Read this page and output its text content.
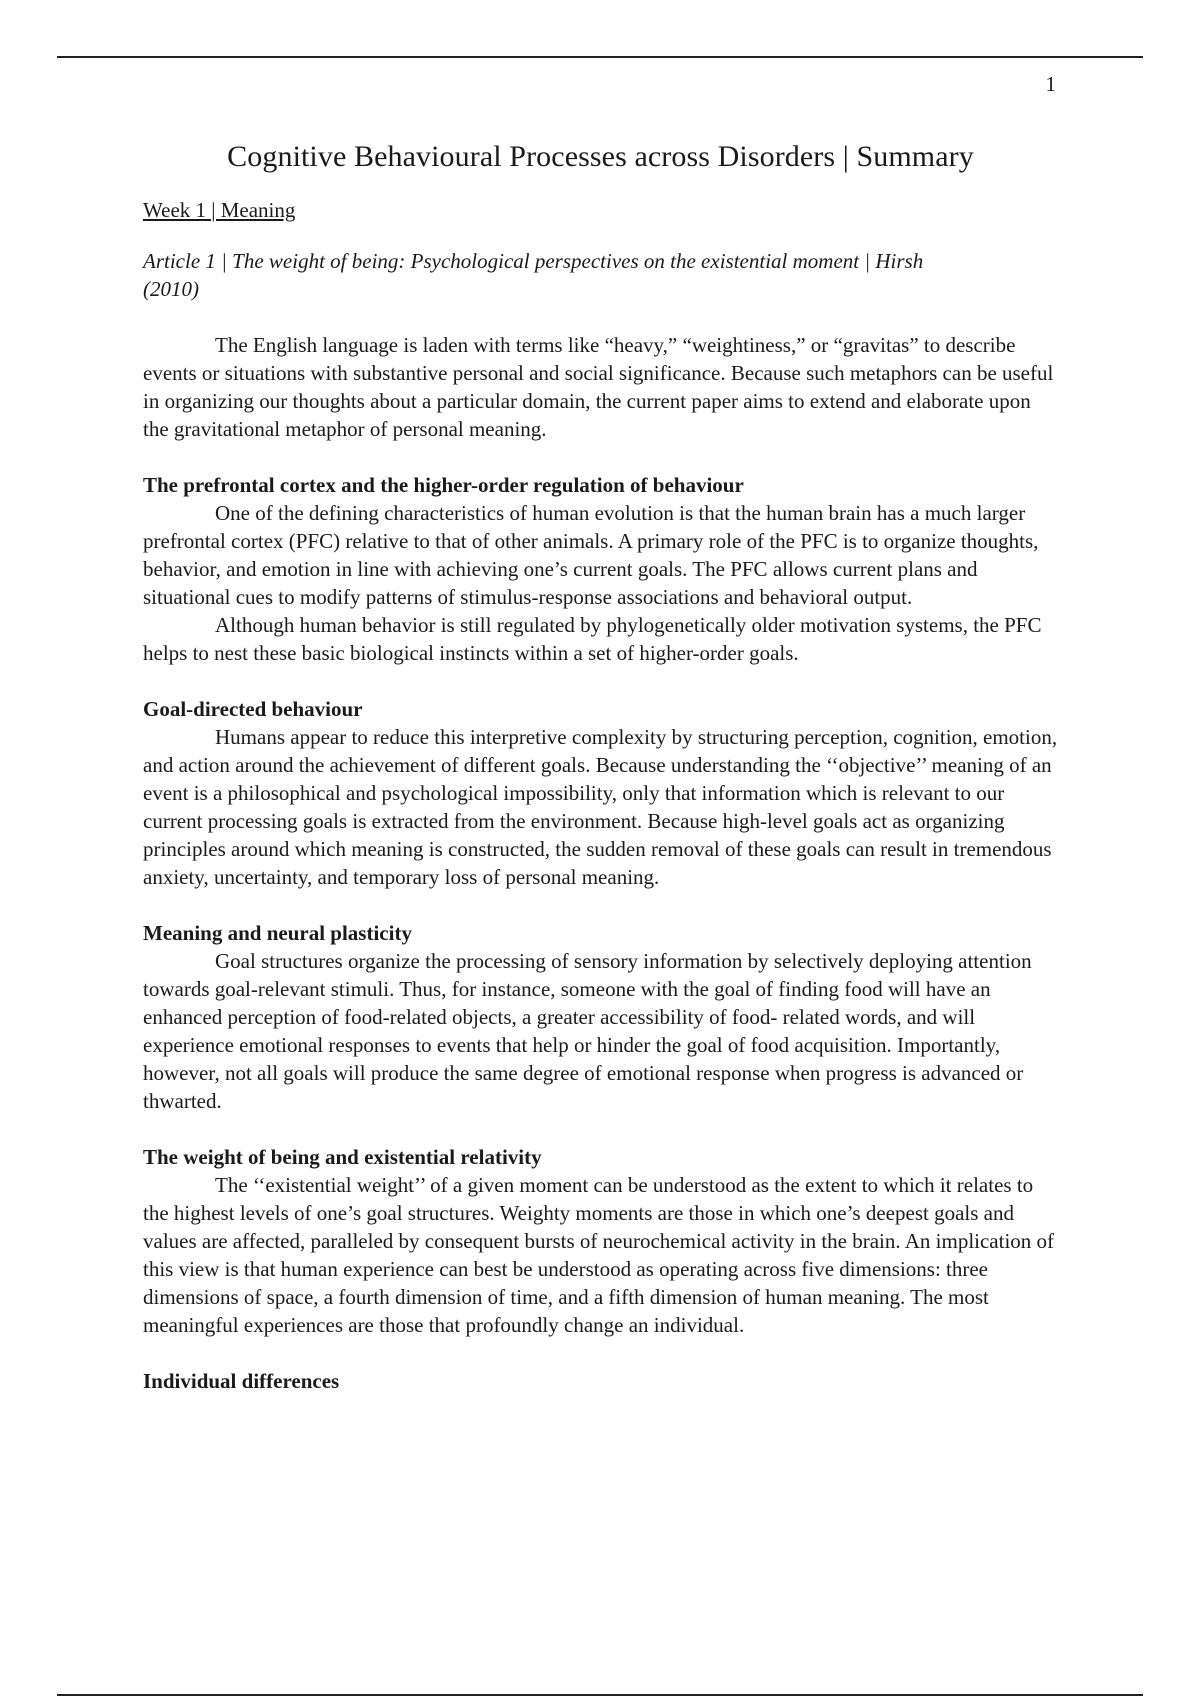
1
Cognitive Behavioural Processes across Disorders | Summary
Week 1 | Meaning
Article 1 | The weight of being: Psychological perspectives on the existential moment | Hirsh (2010)

The English language is laden with terms like “heavy,” “weightiness,” or “gravitas” to describe events or situations with substantive personal and social significance. Because such metaphors can be useful in organizing our thoughts about a particular domain, the current paper aims to extend and elaborate upon the gravitational metaphor of personal meaning.

The prefrontal cortex and the higher-order regulation of behaviour

One of the defining characteristics of human evolution is that the human brain has a much larger prefrontal cortex (PFC) relative to that of other animals. A primary role of the PFC is to organize thoughts, behavior, and emotion in line with achieving one’s current goals. The PFC allows current plans and situational cues to modify patterns of stimulus-response associations and behavioral output.

Although human behavior is still regulated by phylogenetically older motivation systems, the PFC helps to nest these basic biological instincts within a set of higher-order goals.

Goal-directed behaviour

Humans appear to reduce this interpretive complexity by structuring perception, cognition, emotion, and action around the achievement of different goals. Because understanding the ‘‘objective’’ meaning of an event is a philosophical and psychological impossibility, only that information which is relevant to our current processing goals is extracted from the environment. Because high-level goals act as organizing principles around which meaning is constructed, the sudden removal of these goals can result in tremendous anxiety, uncertainty, and temporary loss of personal meaning.

Meaning and neural plasticity

Goal structures organize the processing of sensory information by selectively deploying attention towards goal-relevant stimuli. Thus, for instance, someone with the goal of finding food will have an enhanced perception of food-related objects, a greater accessibility of food- related words, and will experience emotional responses to events that help or hinder the goal of food acquisition. Importantly, however, not all goals will produce the same degree of emotional response when progress is advanced or thwarted.

The weight of being and existential relativity

The ‘‘existential weight’’ of a given moment can be understood as the extent to which it relates to the highest levels of one’s goal structures. Weighty moments are those in which one’s deepest goals and values are affected, paralleled by consequent bursts of neurochemical activity in the brain. An implication of this view is that human experience can best be understood as operating across five dimensions: three dimensions of space, a fourth dimension of time, and a fifth dimension of human meaning. The most meaningful experiences are those that profoundly change an individual.

Individual differences
